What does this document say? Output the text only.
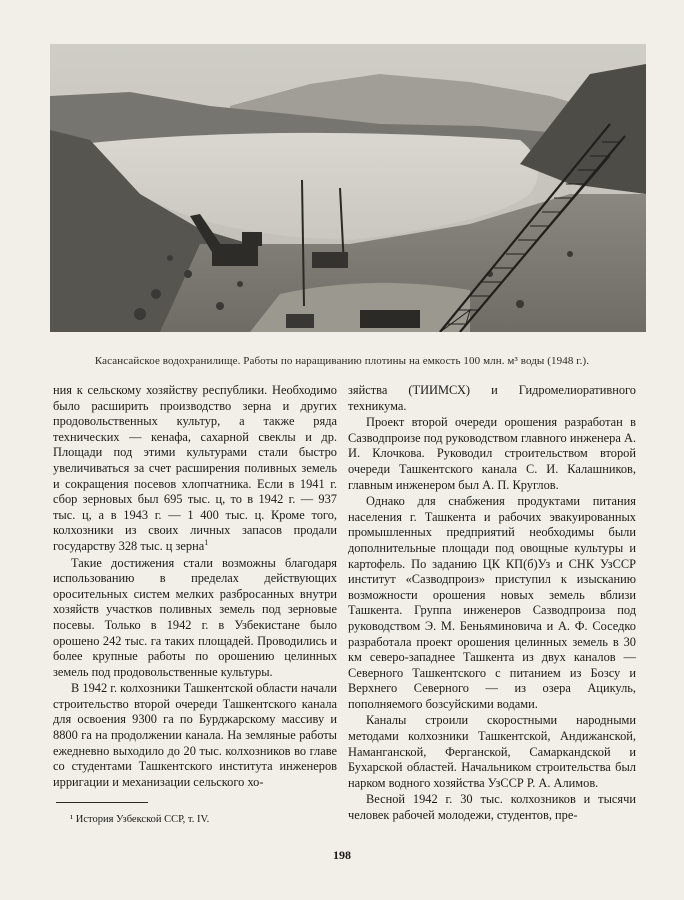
Касансайское водохранилище. Работы по наращиванию плотины на емкость 100 млн. м³ воды (1948 г.).

ния к сельскому хозяйству республики. Необходимо было расширить производство зерна и других продовольственных культур, а также ряда технических — кенафа, сахарной свеклы и др. Площади под этими культурами стали быстро увеличиваться за счет расширения поливных земель и сокращения посевов хлопчатника. Если в 1941 г. сбор зерновых был 695 тыс. ц, то в 1942 г. — 937 тыс. ц, а в 1943 г. — 1 400 тыс. ц. Кроме того, колхозники из своих личных запасов продали государству 328 тыс. ц зерна$^1$

Такие достижения стали возможны благодаря использованию в пределах действующих оросительных систем мелких разбросанных внутри хозяйств участков поливных земель под зерновые посевы. Только в 1942 г. в Узбекистане было орошено 242 тыс. га таких площадей. Проводились и более крупные работы по орошению целинных земель под продовольственные культуры.

В 1942 г. колхозники Ташкентской области начали строительство второй очереди Ташкентского канала для освоения 9300 га по Бурджарскому массиву и 8800 га на продолжении канала. На земляные работы ежедневно выходило до 20 тыс. колхозников во главе со студентами Ташкентского института инженеров ирригации и механизации сельского хо-

зяйства (ТИИМСХ) и Гидромелиоративного техникума.

Проект второй очереди орошения разработан в Сазводпроизе под руководством главного инженера А. И. Клочкова. Руководил строительством второй очереди Ташкентского канала С. И. Калашников, главным инженером был А. П. Круглов.

Однако для снабжения продуктами питания населения г. Ташкента и рабочих эвакуированных промышленных предприятий необходимы были дополнительные площади под овощные культуры и картофель. По заданию ЦК КП(б)Уз и СНК УзССР институт «Сазводпроиз» приступил к изысканию возможности орошения новых земель вблизи Ташкента. Группа инженеров Сазводпроиза под руководством Э. М. Беньяминовича и А. Ф. Соседко разработала проект орошения целинных земель в 30 км северо-западнее Ташкента из двух каналов — Северного Ташкентского с питанием из Бозсу и Верхнего Северного — из озера Ацикуль, пополняемого бозсуйскими водами.

Каналы строили скоростными народными методами колхозники Ташкентской, Андижанской, Наманганской, Ферганской, Самаркандской и Бухарской областей. Начальником строительства был нарком водного хозяйства УзССР Р. А. Алимов.

Весной 1942 г. 30 тыс. колхозников и тысячи человек рабочей молодежи, студентов, пре-

¹ История Узбекской ССР, т. IV.
198
